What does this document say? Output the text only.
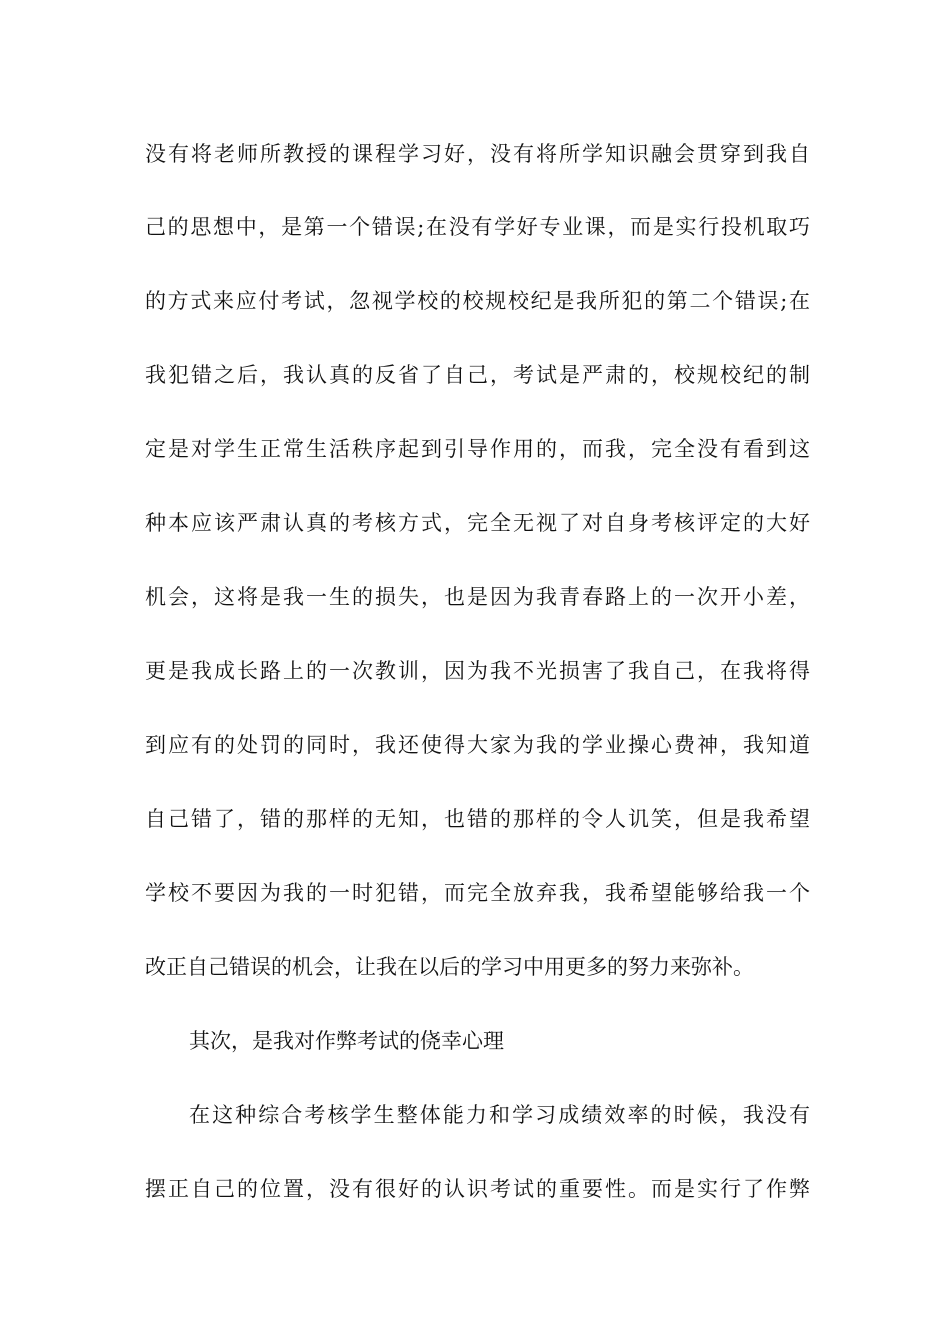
没有将老师所教授的课程学习好，没有将所学知识融会贯穿到我自
己的思想中，是第一个错误;在没有学好专业课，而是实行投机取巧
的方式来应付考试，忽视学校的校规校纪是我所犯的第二个错误;在
我犯错之后，我认真的反省了自己，考试是严肃的，校规校纪的制
定是对学生正常生活秩序起到引导作用的，而我，完全没有看到这
种本应该严肃认真的考核方式，完全无视了对自身考核评定的大好
机会，这将是我一生的损失，也是因为我青春路上的一次开小差，
更是我成长路上的一次教训，因为我不光损害了我自己，在我将得
到应有的处罚的同时，我还使得大家为我的学业操心费神，我知道
自己错了，错的那样的无知，也错的那样的令人讥笑，但是我希望
学校不要因为我的一时犯错，而完全放弃我，我希望能够给我一个
改正自己错误的机会，让我在以后的学习中用更多的努力来弥补。
其次，是我对作弊考试的侥幸心理
在这种综合考核学生整体能力和学习成绩效率的时候，我没有
摆正自己的位置，没有很好的认识考试的重要性。而是实行了作弊
